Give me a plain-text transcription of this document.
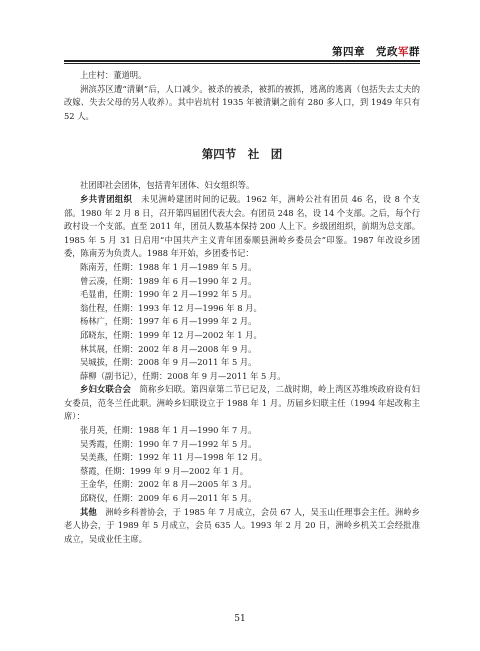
第四章　 党政军群

上庄村：董道明。

洲滨苏区遭“清剿”后，人口减少。被杀的被杀，被抓的被抓，逃离的逃离（包括失去丈夫的改嫁、失去父母的另人收养）。其中岩坑村 1935 年被清剿之前有 280 多人口，到 1949 年只有 52 人。

第四节　社　团

社团即社会团体，包括青年团体、妇女组织等。

乡共青团组织　 未见洲岭建团时间的记载。1962 年，洲岭公社有团员 46 名，设 8 个支部。1980 年 2 月 8 日，召开第四届团代表大会。有团员 248 名，设 14 个支部。之后，每个行政村设一个支部。直至 2011 年，团员人数基本保持 200 人上下。乡级团组织，前期为总支部。1985 年 5 月 31 日启用“中国共产主义青年团泰顺县洲岭乡委员会”印鉴。1987 年改设乡团委，陈南芳为负责人。1988 年开始，乡团委书记：

陈南芳，任期：1988 年 1 月—1989 年 5 月。

曾云凑，任期：1989 年 6 月—1990 年 2 月。

毛显甫，任期：1990 年 2 月—1992 年 5 月。

翁仕程，任期：1993 年 12 月—1996 年 8 月。

杨林广，任期：1997 年 6 月—1999 年 2 月。

邱晓东，任期：1999 年 12 月—2002 年 1 月。

林其展，任期：2002 年 8 月—2008 年 9 月。

吴城拔，任期：2008 年 9 月—2011 年 5 月。

薛柳（副书记），任期：2008 年 9 月—2011 年 5 月。

乡妇女联合会　 简称乡妇联。第四章第二节已记及，二战时期，岭上湾区苏维埃政府设有妇女委员，范冬兰任此职。洲岭乡妇联设立于 1988 年 1 月。历届乡妇联主任（1994 年起改称主席）：

张月英，任期：1988 年 1 月—1990 年 7 月。

吴秀霞，任期：1990 年 7 月—1992 年 5 月。

吴美燕，任期：1992 年 11 月—1998 年 12 月。

蔡霞，任期：1999 年 9 月—2002 年 1 月。

王金华，任期：2002 年 8 月—2005 年 3 月。

邱晓仪，任期：2009 年 6 月—2011 年 5 月。

其他　 洲岭乡科普协会，于 1985 年 7 月成立，会员 67 人，吴玉山任理事会主任。洲岭乡老人协会，于 1989 年 5 月成立，会员 635 人。1993 年 2 月 20 日，洲岭乡机关工会经批准成立，吴成业任主席。

51
